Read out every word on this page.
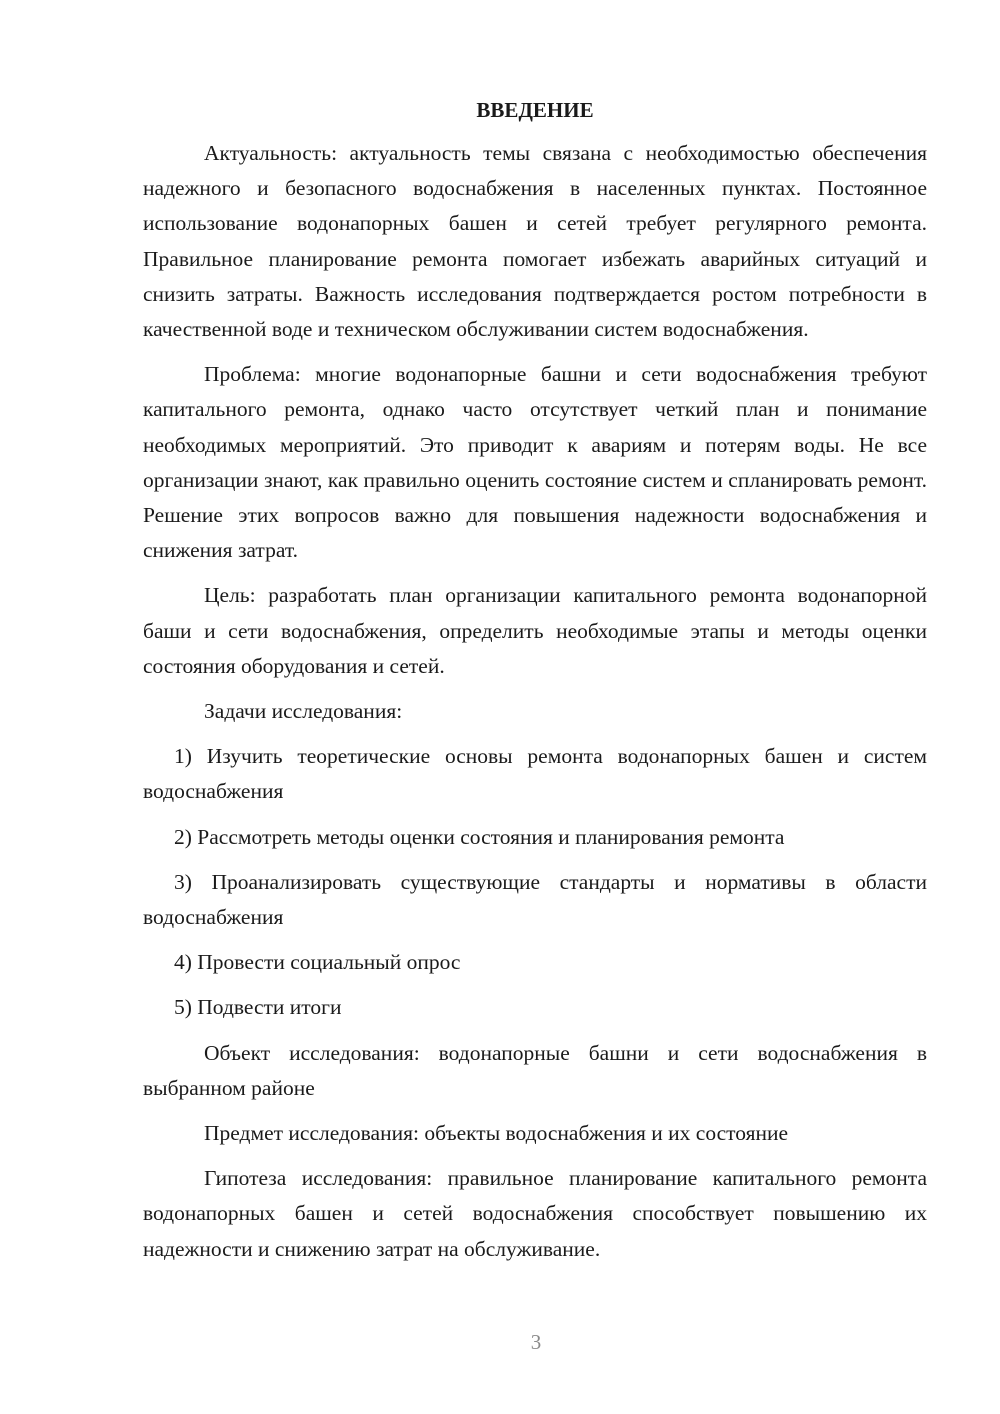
ВВЕДЕНИЕ

Актуальность: актуальность темы связана с необходимостью обеспечения надежного и безопасного водоснабжения в населенных пунктах. Постоянное использование водонапорных башен и сетей требует регулярного ремонта. Правильное планирование ремонта помогает избежать аварийных ситуаций и снизить затраты. Важность исследования подтверждается ростом потребности в качественной воде и техническом обслуживании систем водоснабжения.

Проблема: многие водонапорные башни и сети водоснабжения требуют капитального ремонта, однако часто отсутствует четкий план и понимание необходимых мероприятий. Это приводит к авариям и потерям воды. Не все организации знают, как правильно оценить состояние систем и спланировать ремонт. Решение этих вопросов важно для повышения надежности водоснабжения и снижения затрат.

Цель: разработать план организации капитального ремонта водонапорной баши и сети водоснабжения, определить необходимые этапы и методы оценки состояния оборудования и сетей.

Задачи исследования:

1) Изучить теоретические основы ремонта водонапорных башен и систем водоснабжения

2) Рассмотреть методы оценки состояния и планирования ремонта

3) Проанализировать существующие стандарты и нормативы в области водоснабжения

4) Провести социальный опрос

5) Подвести итоги

Объект исследования: водонапорные башни и сети водоснабжения в выбранном районе

Предмет исследования: объекты водоснабжения и их состояние

Гипотеза исследования: правильное планирование капитального ремонта водонапорных башен и сетей водоснабжения способствует повышению их надежности и снижению затрат на обслуживание.

3
